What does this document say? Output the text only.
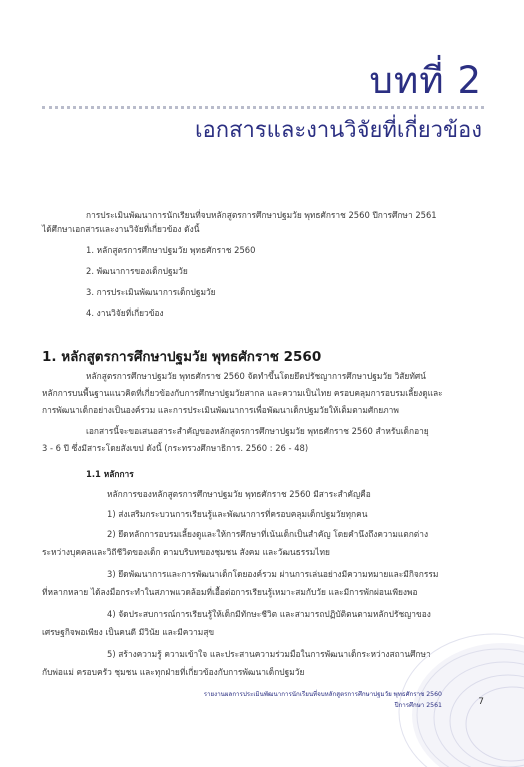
บทที่ 2
เอกสารและงานวิจัยที่เกี่ยวข้อง
การประเมินพัฒนาการนักเรียนที่จบหลักสูตรการศึกษาปฐมวัย พุทธศักราช 2560 ปีการศึกษา 2561
ได้ศึกษาเอกสารและงานวิจัยที่เกี่ยวข้อง ดังนี้
1. หลักสูตรการศึกษาปฐมวัย พุทธศักราช 2560
2. พัฒนาการของเด็กปฐมวัย
3. การประเมินพัฒนาการเด็กปฐมวัย
4. งานวิจัยที่เกี่ยวข้อง
1. หลักสูตรการศึกษาปฐมวัย พุทธศักราช 2560
หลักสูตรการศึกษาปฐมวัย พุทธศักราช 2560 จัดทำขึ้นโดยยึดปรัชญาการศึกษาปฐมวัย วิสัยทัศน์
หลักการบนพื้นฐานแนวคิดที่เกี่ยวข้องกับการศึกษาปฐมวัยสากล และความเป็นไทย ครอบคลุมการอบรมเลี้ยงดูและ
การพัฒนาเด็กอย่างเป็นองค์รวม และการประเมินพัฒนาการเพื่อพัฒนาเด็กปฐมวัยให้เต็มตามศักยภาพ
เอกสารนี้จะขอเสนอสาระสำคัญของหลักสูตรการศึกษาปฐมวัย พุทธศักราช 2560 สำหรับเด็กอายุ
3 - 6 ปี ซึ่งมีสาระโดยสังเขป ดังนี้ (กระทรวงศึกษาธิการ. 2560 : 26 - 48)
1.1 หลักการ
หลักการของหลักสูตรการศึกษาปฐมวัย พุทธศักราช 2560 มีสาระสำคัญคือ
1) ส่งเสริมกระบวนการเรียนรู้และพัฒนาการที่ครอบคลุมเด็กปฐมวัยทุกคน
2) ยึดหลักการอบรมเลี้ยงดูและให้การศึกษาที่เน้นเด็กเป็นสำคัญ โดยคำนึงถึงความแตกต่าง
ระหว่างบุคคลและวิถีชีวิตของเด็ก ตามบริบทของชุมชน สังคม และวัฒนธรรมไทย
3) ยึดพัฒนาการและการพัฒนาเด็กโดยองค์รวม ผ่านการเล่นอย่างมีความหมายและมีกิจกรรม
ที่หลากหลาย ได้ลงมือกระทำในสภาพแวดล้อมที่เอื้อต่อการเรียนรู้เหมาะสมกับวัย และมีการพักผ่อนเพียงพอ
4) จัดประสบการณ์การเรียนรู้ให้เด็กมีทักษะชีวิต และสามารถปฏิบัติตนตามหลักปรัชญาของ
เศรษฐกิจพอเพียง เป็นคนดี มีวินัย และมีความสุข
5) สร้างความรู้ ความเข้าใจ และประสานความร่วมมือในการพัฒนาเด็กระหว่างสถานศึกษา
กับพ่อแม่ ครอบครัว ชุมชน และทุกฝ่ายที่เกี่ยวข้องกับการพัฒนาเด็กปฐมวัย
รายงานผลการประเมินพัฒนาการนักเรียนที่จบหลักสูตรการศึกษาปฐมวัย พุทธศักราช 2560
ปีการศึกษา 2561	7
